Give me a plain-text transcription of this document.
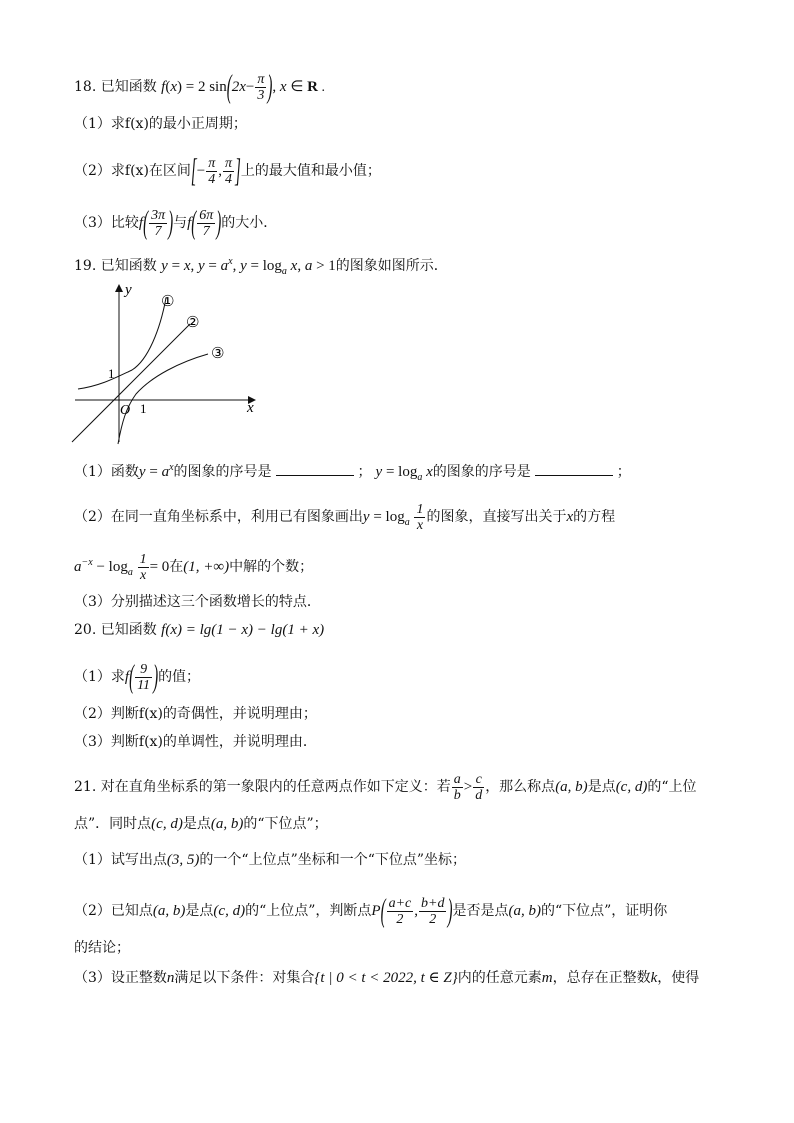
18. 已知函数 f(x) = 2 $\sin(2x- \frac{\pi}{3}$ ), x ∈ R .
（1）求f(x)的最小正周期；
（2）求f(x)在区间[− $\frac{\pi}{4}$ , $\frac{\pi}{4}$ ]上的最大值和最小值；
（3）比较$f( \frac{3\pi}{7}$ )与$f( \frac{6\pi}{7}$ )的大小．
19. 已知函数 y = x, $y = a^x$, $y = \log_a x$, a > 1的图象如图所示．
x
y
O 1
1
①
②
③
（1）函数$y = a^x$的图象的序号是	； $y = \log_a x$的图象的序号是	；
（2）在同一直角坐标系中，利用已有图象画出$y = \log_a \frac{1}{x}$ 的图象，直接写出关于x的方程
$a^{-x} - \log_a \frac{1}{x} = 0$在(1, +∞)中解的个数；
（3）分别描述这三个函数增长的特点．
20. 已知函数 f(x) = lg(1 − x) − lg(1 + x)
（1）求$f( \frac{9}{11}$ )的值；
（2）判断f(x)的奇偶性，并说明理由；
（3）判断f(x)的单调性，并说明理由．
21. 对在直角坐标系的第一象限内的任意两点作如下定义：若 $\frac{a}{b} > \frac{c}{d}$ ，那么称点(a, b)是点(c, d)的“上位
点”．同时点(c, d)是点(a, b)的“下位点”；
（1）试写出点(3, 5)的一个“上位点”坐标和一个“下位点”坐标；
（2）已知点(a, b)是点(c, d)的“上位点”，判断点$P( \frac{a+c}{2}$ , $\frac{b+d}{2}$ )是否是点(a, b)的“下位点”，证明你
的结论；
（3）设正整数n满足以下条件：对集合{t | 0 < t < 2022, t ∈ Z}内的任意元素m，总存在正整数k，使得
